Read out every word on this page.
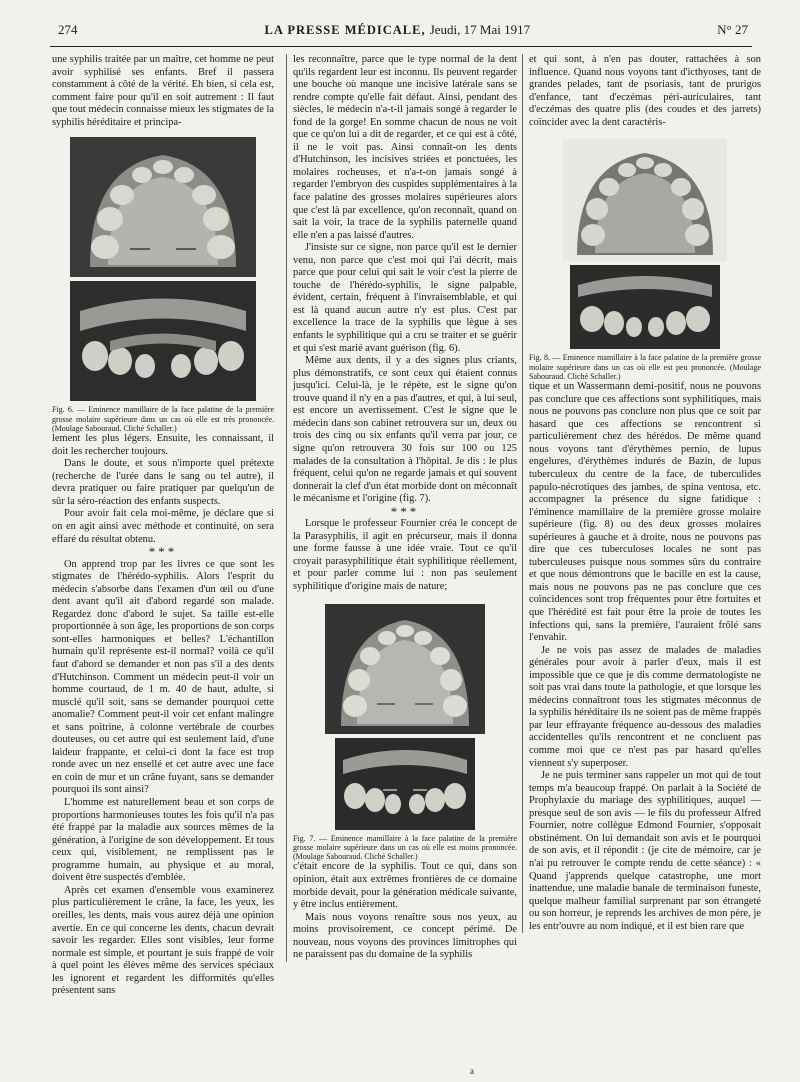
274	LA PRESSE MÉDICALE, Jeudi, 17 Mai 1917	N° 27

une syphilis traitée par un maître, cet homme ne peut avoir syphilisé ses enfants. Bref il passera constamment à côté de la vérité. Eh bien, si cela est, comment faire pour qu'il en soit autrement : Il faut que tout médecin connaisse mieux les stigmates de la syphilis héréditaire et principa-

Fig. 6. — Eminence mamillaire de la face palatine de la première grosse molaire supérieure dans un cas où elle est très prononcée. (Moulage Sabouraud. Cliché Schaller.)

lement les plus légers. Ensuite, les connaissant, il doit les rechercher toujours.

Dans le doute, et sous n'importe quel prétexte (recherche de l'urée dans le sang ou tel autre), il devra pratiquer ou faire pratiquer par quelqu'un de sûr la séro-réaction des enfants suspects.

Pour avoir fait cela moi-même, je déclare que si on en agit ainsi avec méthode et continuité, on sera effaré du résultat obtenu.

***

On apprend trop par les livres ce que sont les stigmates de l'hérédo-syphilis. Alors l'esprit du médecin s'absorbe dans l'examen d'un œil ou d'une dent avant qu'il ait d'abord regardé son malade. Regardez donc d'abord le sujet. Sa taille est-elle proportionnée à son âge, les proportions de son corps sont-elles harmoniques et belles? L'échantillon humain qu'il représente est-il normal? voilà ce qu'il faut d'abord se demander et non pas s'il a des dents d'Hutchinson. Comment un médecin peut-il voir un homme courtaud, de 1 m. 40 de haut, adulte, si musclé qu'il soit, sans se demander pourquoi cette anomalie? Comment peut-il voir cet enfant malingre et sans poitrine, à colonne vertébrale de courbes douteuses, ou cet autre qui est seulement laid, d'une laideur frappante, et celui-ci dont la face est trop ronde avec un nez ensellé et cet autre avec une face en coin de mur et un crâne fuyant, sans se demander pourquoi ils sont ainsi?

L'homme est naturellement beau et son corps de proportions harmonieuses toutes les fois qu'il n'a pas été frappé par la maladie aux sources mêmes de la génération, à l'origine de son développement. Et tous ceux qui, visiblement, ne remplissent pas le programme humain, au physique et au moral, doivent être suspectés d'emblée.

Après cet examen d'ensemble vous examinerez plus particulièrement le crâne, la face, les yeux, les oreilles, les dents, mais vous aurez déjà une opinion avertie. En ce qui concerne les dents, chacun devrait savoir les regarder. Elles sont visibles, leur forme normale est simple, et pourtant je suis frappé de voir à quel point les élèves même des services spéciaux les ignorent et regardent les difformités qu'elles présentent sans

les reconnaître, parce que le type normal de la dent qu'ils regardent leur est inconnu. Ils peuvent regarder une bouche où manque une incisive latérale sans se rendre compte qu'elle fait défaut. Ainsi, pendant des siècles, le médecin n'a-t-il jamais songé à regarder le fond de la gorge! En somme chacun de nous ne voit que ce qu'on lui a dit de regarder, et ce qui est à côté, il ne le voit pas. Ainsi connaît-on les dents d'Hutchinson, les incisives striées et ponctuées, les molaires rocheuses, et n'a-t-on jamais songé à regarder l'embryon des cuspides supplémentaires à la face palatine des grosses molaires supérieures alors que c'est là par excellence, qu'on reconnaît, quand on sait la voir, la trace de la syphilis paternelle quand elle n'en a pas laissé d'autres.

J'insiste sur ce signe, non parce qu'il est le dernier venu, non parce que c'est moi qui l'ai décrit, mais parce que pour celui qui sait le voir c'est la pierre de touche de l'hérédo-syphilis, le signe palpable, évident, certain, fréquent à l'invraisemblable, et qui est là quand aucun autre n'y est plus. C'est par excellence la trace de la syphilis que lègue à ses enfants le syphilitique qui a cru se traiter et se guérir et qui s'est marié avant guérison (fig. 6).

Même aux dents, il y a des signes plus criants, plus démonstratifs, ce sont ceux qui étaient connus jusqu'ici. Celui-là, je le répète, est le signe qu'on trouve quand il n'y en a pas d'autres, et qui, à lui seul, est encore un avertissement. C'est le signe que le médecin dans son cabinet retrouvera sur un, deux ou trois des cinq ou six enfants qu'il verra par jour, ce signe qu'on retrouvera 30 fois sur 100 ou 125 malades de la consultation à l'hôpital. Je dis : le plus fréquent, celui qu'on ne regarde jamais et qui souvent donnerait la clef d'un état morbide dont on méconnaît le mécanisme et l'origine (fig. 7).

***

Lorsque le professeur Fournier créa le concept de la Parasyphilis, il agit en précurseur, mais il donna une forme fausse à une idée vraie. Tout ce qu'il croyait parasyphilitique était syphilitique réellement, et pour parler comme lui : non pas seulement syphilitique d'origine mais de nature;

Fig. 7. — Eminence mamillaire à la face palatine de la première grosse molaire supérieure dans un cas où elle est moins prononcée. (Moulage Sabouraud. Cliché Schaller.)

c'était encore de la syphilis. Tout ce qui, dans son opinion, était aux extrêmes frontières de ce domaine morbide devait, pour la génération médicale suivante, y être inclus entièrement.

Mais nous voyons renaître sous nos yeux, au moins provisoirement, ce concept périmé. De nouveau, nous voyons des provinces limitrophes qui ne paraissent pas du domaine de la syphilis

et qui sont, à n'en pas douter, rattachées à son influence. Quand nous voyons tant d'icthyoses, tant de grandes pelades, tant de psoriasis, tant de prurigos d'enfance, tant d'eczémas péri-auriculaires, tant d'eczémas des quatre plis (des coudes et des jarrets) coïncider avec la dent caractéris-

Fig. 8. — Eminence mamillaire à la face palatine de la première grosse molaire supérieure dans un cas où elle est peu prononcée. (Moulage Sabouraud. Cliché Schaller.)

tique et un Wassermann demi-positif, nous ne pouvons pas conclure que ces affections sont syphilitiques, mais nous ne pouvons pas conclure non plus que ce soit par hasard que ces affections se rencontrent si particulièrement chez des hérédos. De même quand nous voyons tant d'érythèmes pernio, de lupus engelures, d'érythèmes indurés de Bazin, de lupus tuberculeux du centre de la face, de tuberculides papulo-nécrotiques des jambes, de spina ventosa, etc. accompagner la présence du signe fatidique : l'éminence mamillaire de la première grosse molaire supérieure (fig. 8) ou des deux grosses molaires supérieures à gauche et à droite, nous ne pouvons pas dire que ces tuberculoses locales ne sont pas tuberculeuses puisque nous sommes sûrs du contraire et que nous démontrons que le bacille en est la cause, mais nous ne pouvons pas ne pas conclure que ces coïncidences sont trop fréquentes pour être fortuites et que l'hérédité est fait pour être la proie de toutes les infections qui, sans la première, l'auraient frôlé sans l'envahir.

Je ne vois pas assez de malades de maladies générales pour avoir à parler d'eux, mais il est impossible que ce que je dis comme dermatologiste ne soit pas vrai dans toute la pathologie, et que lorsque les médecins connaîtront tous les stigmates méconnus de la syphilis héréditaire ils ne soient pas de même frappés par leur effrayante fréquence au-dessous des maladies accidentelles qu'ils rencontrent et ne concluent pas comme moi que ce n'est pas par hasard qu'elles viennent s'y superposer.

Je ne puis terminer sans rappeler un mot qui de tout temps m'a beaucoup frappé. On parlait à la Société de Prophylaxie du mariage des syphilitiques, auquel — presque seul de son avis — le fils du professeur Alfred Fournier, notre collègue Edmond Fournier, s'opposait obstinément. On lui demandait son avis et le pourquoi de son avis, et il répondit : (je cite de mémoire, car je n'ai pu retrouver le compte rendu de cette séance) : « Quand j'apprends quelque catastrophe, une mort inattendue, une maladie banale de terminaison funeste, quelque malheur familial surprenant par son étrangeté ou son horreur, je reprends les archives de mon père, je les entr'ouvre au nom indiqué, et il est bien rare que

a
